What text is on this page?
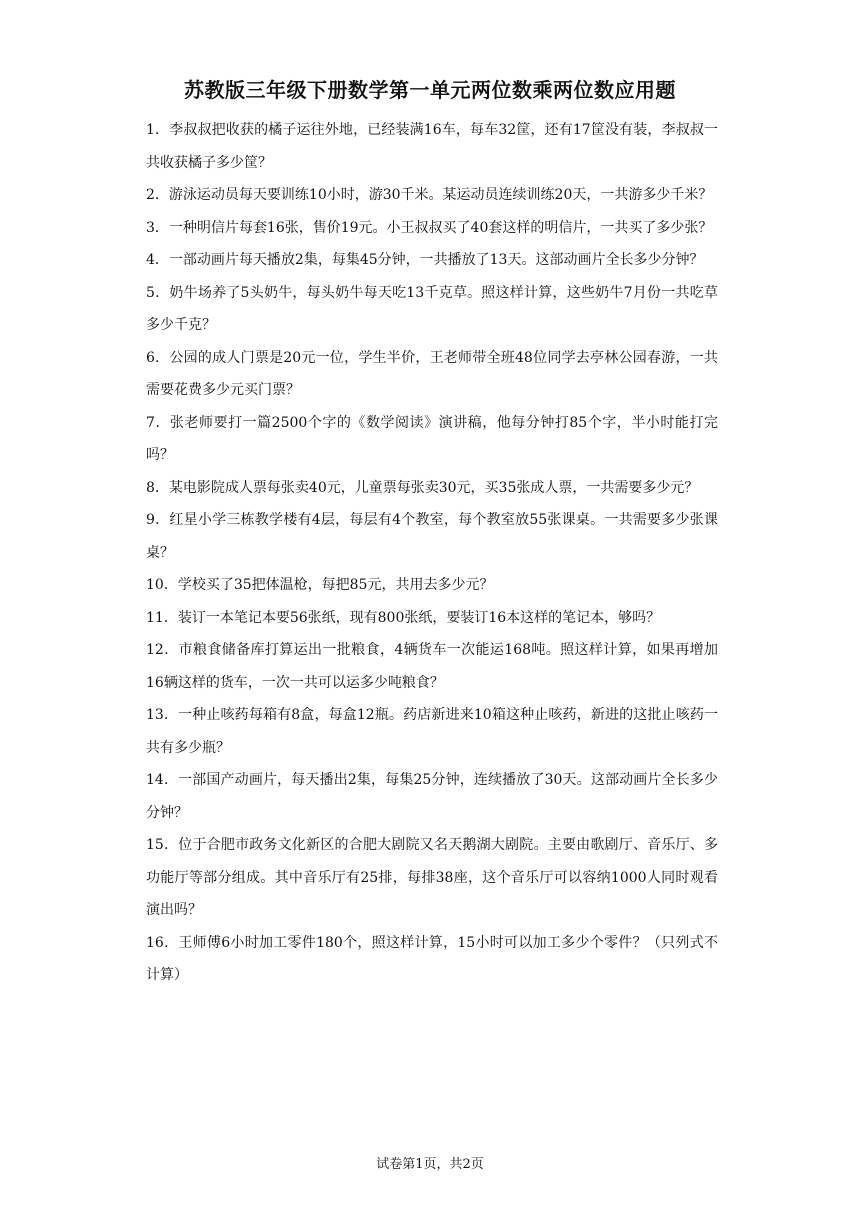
苏教版三年级下册数学第一单元两位数乘两位数应用题

1．李叔叔把收获的橘子运往外地，已经装满16车，每车32筐，还有17筐没有装，李叔叔一共收获橘子多少筐？

2．游泳运动员每天要训练10小时，游30千米。某运动员连续训练20天，一共游多少千米？

3．一种明信片每套16张，售价19元。小王叔叔买了40套这样的明信片，一共买了多少张？

4．一部动画片每天播放2集，每集45分钟，一共播放了13天。这部动画片全长多少分钟？

5．奶牛场养了5头奶牛，每头奶牛每天吃13千克草。照这样计算，这些奶牛7月份一共吃草多少千克？

6．公园的成人门票是20元一位，学生半价，王老师带全班48位同学去亭林公园春游，一共需要花费多少元买门票？

7．张老师要打一篇2500个字的《数学阅读》演讲稿，他每分钟打85个字，半小时能打完吗？

8．某电影院成人票每张卖40元，儿童票每张卖30元，买35张成人票，一共需要多少元？

9．红星小学三栋教学楼有4层，每层有4个教室，每个教室放55张课桌。一共需要多少张课桌？

10．学校买了35把体温枪，每把85元，共用去多少元？

11．装订一本笔记本要56张纸，现有800张纸，要装订16本这样的笔记本，够吗？

12．市粮食储备库打算运出一批粮食，4辆货车一次能运168吨。照这样计算，如果再增加16辆这样的货车，一次一共可以运多少吨粮食？

13．一种止咳药每箱有8盒，每盒12瓶。药店新进来10箱这种止咳药，新进的这批止咳药一共有多少瓶？

14．一部国产动画片，每天播出2集，每集25分钟，连续播放了30天。这部动画片全长多少分钟？

15．位于合肥市政务文化新区的合肥大剧院又名天鹅湖大剧院。主要由歌剧厅、音乐厅、多功能厅等部分组成。其中音乐厅有25排，每排38座，这个音乐厅可以容纳1000人同时观看演出吗？

16．王师傅6小时加工零件180个，照这样计算，15小时可以加工多少个零件？（只列式不计算）

试卷第1页，共2页
